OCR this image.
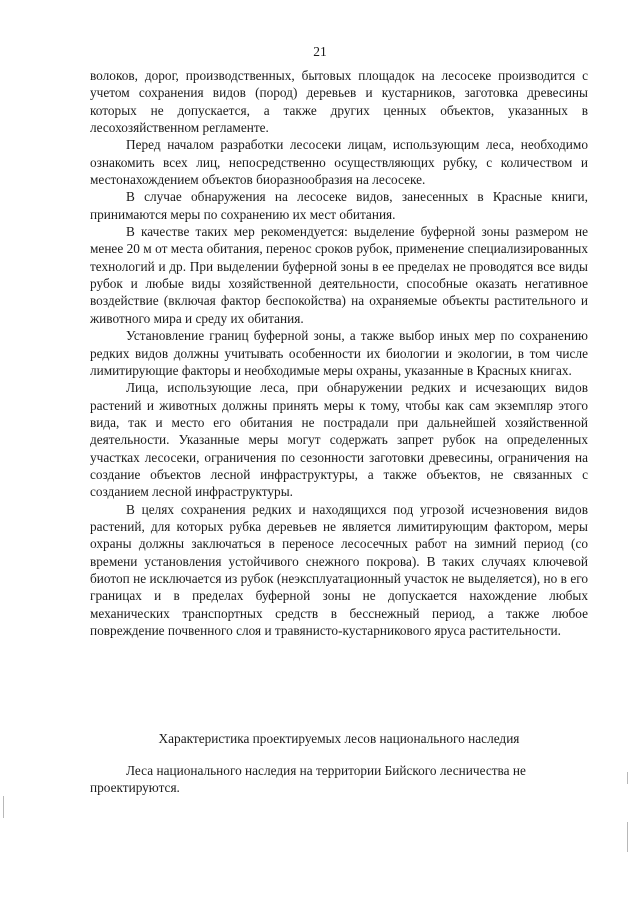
21

волоков, дорог, производственных, бытовых площадок на лесосеке производится с учетом сохранения видов (пород) деревьев и кустарников, заготовка древесины которых не допускается, а также других ценных объектов, указанных в лесохозяйственном регламенте.

Перед началом разработки лесосеки лицам, использующим леса, необходимо ознакомить всех лиц, непосредственно осуществляющих рубку, с количеством и местонахождением объектов биоразнообразия на лесосеке.

В случае обнаружения на лесосеке видов, занесенных в Красные книги, принимаются меры по сохранению их мест обитания.

В качестве таких мер рекомендуется: выделение буферной зоны размером не менее 20 м от места обитания, перенос сроков рубок, применение специализированных технологий и др. При выделении буферной зоны в ее пределах не проводятся все виды рубок и любые виды хозяйственной деятельности, способные оказать негативное воздействие (включая фактор беспокойства) на охраняемые объекты растительного и животного мира и среду их обитания.

Установление границ буферной зоны, а также выбор иных мер по сохранению редких видов должны учитывать особенности их биологии и экологии, в том числе лимитирующие факторы и необходимые меры охраны, указанные в Красных книгах.

Лица, использующие леса, при обнаружении редких и исчезающих видов растений и животных должны принять меры к тому, чтобы как сам экземпляр этого вида, так и место его обитания не пострадали при дальнейшей хозяйственной деятельности. Указанные меры могут содержать запрет рубок на определенных участках лесосеки, ограничения по сезонности заготовки древесины, ограничения на создание объектов лесной инфраструктуры, а также объектов, не связанных с созданием лесной инфраструктуры.

В целях сохранения редких и находящихся под угрозой исчезновения видов растений, для которых рубка деревьев не является лимитирующим фактором, меры охраны должны заключаться в переносе лесосечных работ на зимний период (со времени установления устойчивого снежного покрова). В таких случаях ключевой биотоп не исключается из рубок (неэксплуатационный участок не выделяется), но в его границах и в пределах буферной зоны не допускается нахождение любых механических транспортных средств в бесснежный период, а также любое повреждение почвенного слоя и травянисто-кустарникового яруса растительности.

Характеристика проектируемых лесов национального наследия

Леса национального наследия на территории Бийского лесничества не проектируются.
